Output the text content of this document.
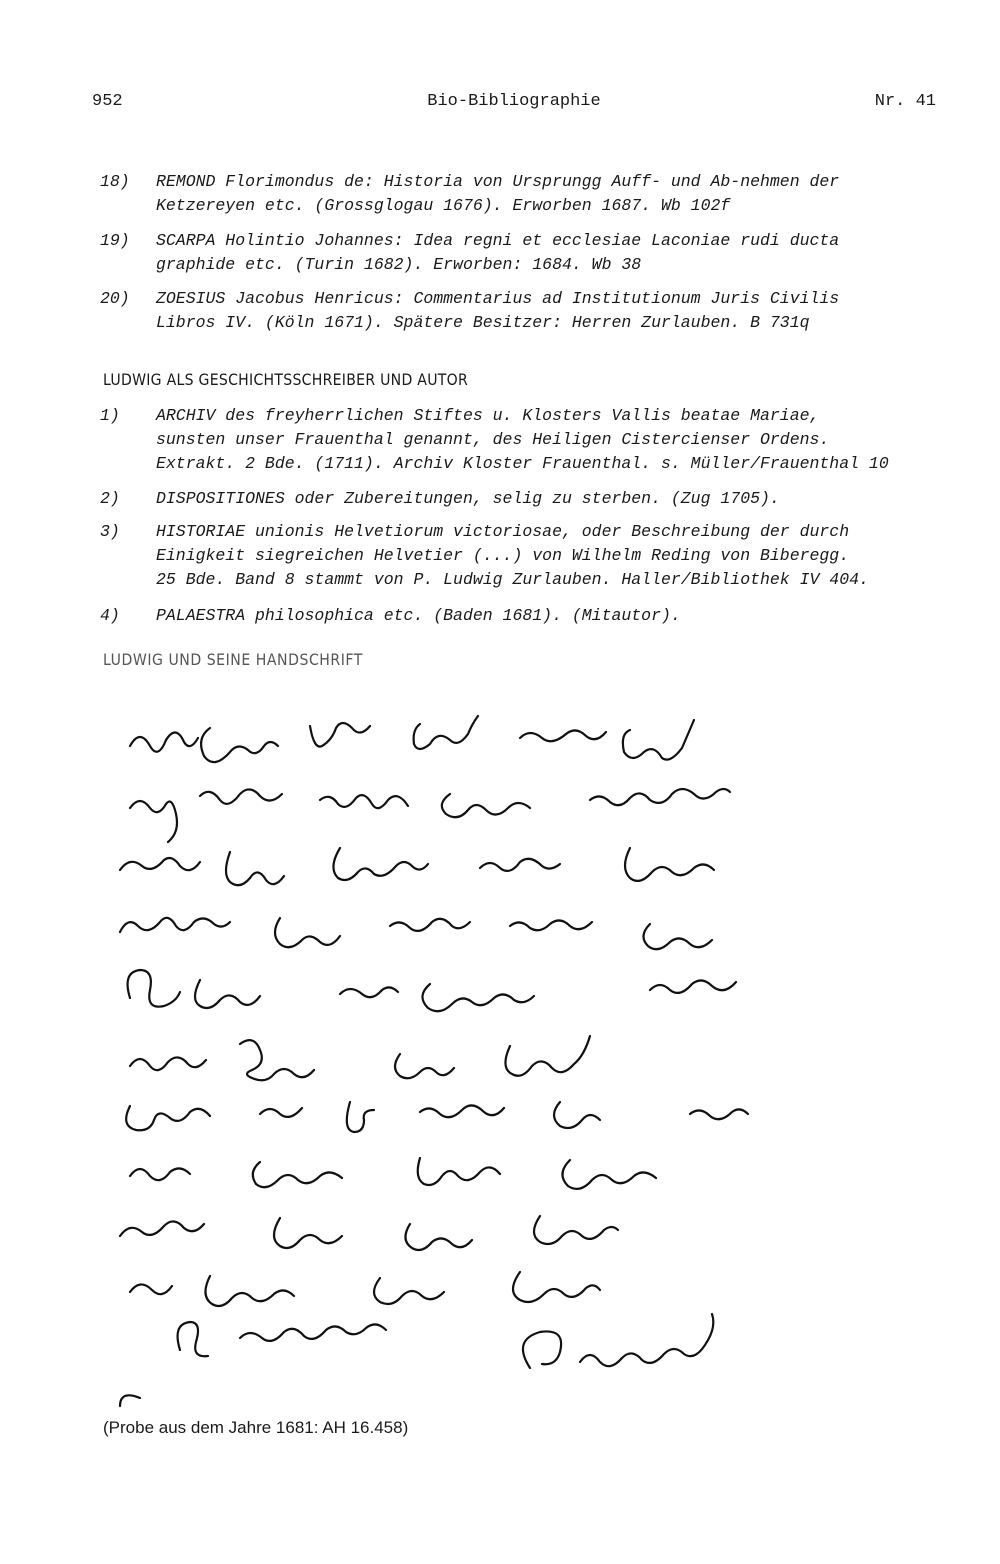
952	Bio-Bibliographie	Nr. 41
18) REMOND Florimondus de: Historia von Ursprungg Auff- und Ab-nehmen der
Ketzereyen etc. (Grossglogau 1676). Erworben 1687. Wb 102f
19) SCARPA Holintio Johannes: Idea regni et ecclesiae Laconiae rudi ducta
graphide etc. (Turin 1682). Erworben: 1684. Wb 38
20) ZOESIUS Jacobus Henricus: Commentarius ad Institutionum Juris Civilis
Libros IV. (Köln 1671). Spätere Besitzer: Herren Zurlauben. B 731q
LUDWIG ALS GESCHICHTSSCHREIBER UND AUTOR
1) ARCHIV des freyherrlichen Stiftes u. Klosters Vallis beatae Mariae,
sunsten unser Frauenthal genannt, des Heiligen Cistercienser Ordens.
Extrakt. 2 Bde. (1711). Archiv Kloster Frauenthal. s. Müller/Frauenthal 10
2) DISPOSITIONES oder Zubereitungen, selig zu sterben. (Zug 1705).
3) HISTORIAE unionis Helvetiorum victoriosae, oder Beschreibung der durch
Einigkeit siegreichen Helvetier (...) von Wilhelm Reding von Biberegg.
25 Bde. Band 8 stammt von P. Ludwig Zurlauben. Haller/Bibliothek IV 404.
4) PALAESTRA philosophica etc. (Baden 1681). (Mitautor).
LUDWIG UND SEINE HANDSCHRIFT
(Probe aus dem Jahre 1681: AH 16.458)
